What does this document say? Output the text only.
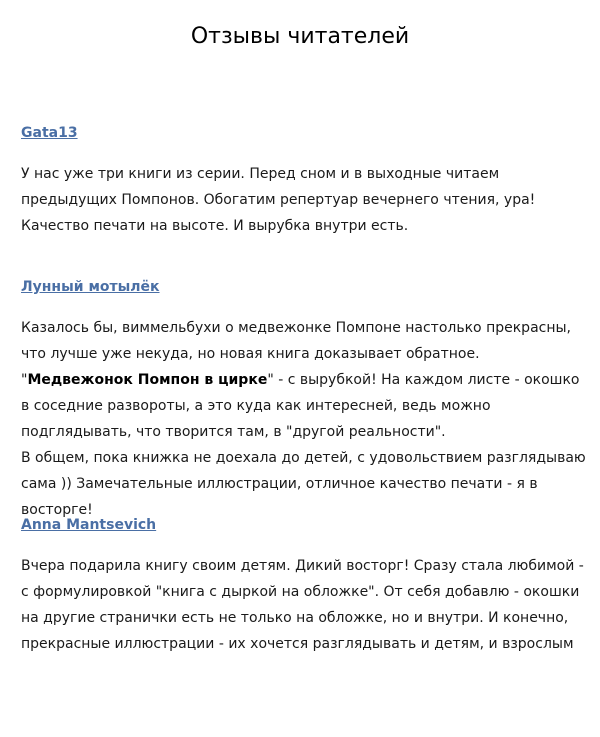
Отзывы читателей
Gata13

У нас уже три книги из серии. Перед сном и в выходные читаем предыдущих Помпонов. Обогатим репертуар вечернего чтения, ура!

Качество печати на высоте. И вырубка внутри есть.

Лунный мотылёк

Казалось бы, виммельбухи о медвежонке Помпоне настолько прекрасны, что лучше уже некуда, но новая книга доказывает обратное. "Медвежонок Помпон в цирке" - с вырубкой! На каждом листе - окошко в соседние развороты, а это куда как интересней, ведь можно подглядывать, что творится там, в "другой реальности".

В общем, пока книжка не доехала до детей, с удовольствием разглядываю сама )) Замечательные иллюстрации, отличное качество печати - я в восторге!

Anna Mantsevich

Вчера подарила книгу своим детям. Дикий восторг! Сразу стала любимой - с формулировкой "книга с дыркой на обложке". От себя добавлю - окошки на другие странички есть не только на обложке, но и внутри. И конечно, прекрасные иллюстрации - их хочется разглядывать и детям, и взрослым
